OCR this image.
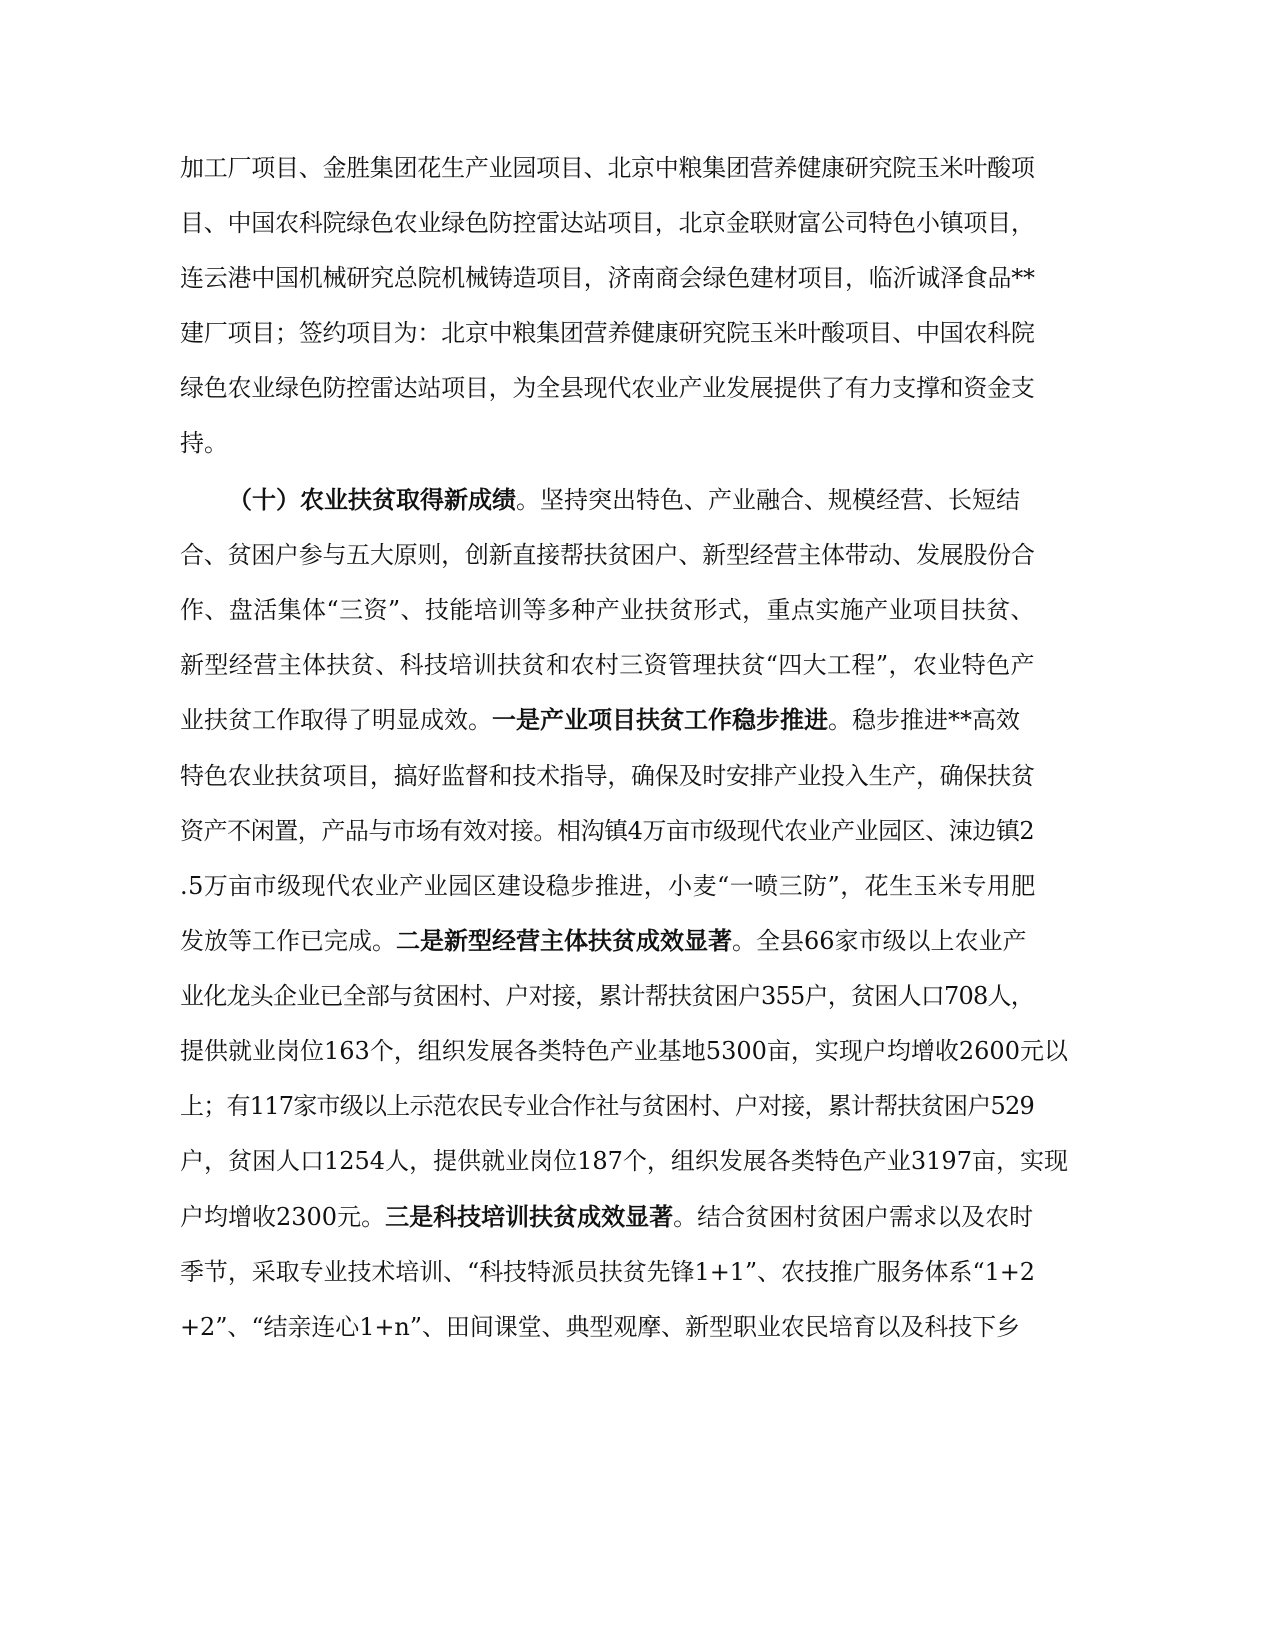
加工厂项目、金胜集团花生产业园项目、北京中粮集团营养健康研究院玉米叶酸项
目、中国农科院绿色农业绿色防控雷达站项目，北京金联财富公司特色小镇项目，
连云港中国机械研究总院机械铸造项目，济南商会绿色建材项目，临沂诚泽食品**
建厂项目；签约项目为：北京中粮集团营养健康研究院玉米叶酸项目、中国农科院
绿色农业绿色防控雷达站项目，为全县现代农业产业发展提供了有力支撑和资金支
持。
（十）农业扶贫取得新成绩。坚持突出特色、产业融合、规模经营、长短结
合、贫困户参与五大原则，创新直接帮扶贫困户、新型经营主体带动、发展股份合
作、盘活集体“三资”、技能培训等多种产业扶贫形式，重点实施产业项目扶贫、
新型经营主体扶贫、科技培训扶贫和农村三资管理扶贫“四大工程”，农业特色产
业扶贫工作取得了明显成效。一是产业项目扶贫工作稳步推进。稳步推进**高效
特色农业扶贫项目，搞好监督和技术指导，确保及时安排产业投入生产，确保扶贫
资产不闲置，产品与市场有效对接。相沟镇4万亩市级现代农业产业园区、涑边镇2
.5万亩市级现代农业产业园区建设稳步推进，小麦“一喷三防”，花生玉米专用肥
发放等工作已完成。二是新型经营主体扶贫成效显著。全县66家市级以上农业产
业化龙头企业已全部与贫困村、户对接，累计帮扶贫困户355户，贫困人口708人，
提供就业岗位163个，组织发展各类特色产业基地5300亩，实现户均增收2600元以
上；有117家市级以上示范农民专业合作社与贫困村、户对接，累计帮扶贫困户529
户，贫困人口1254人，提供就业岗位187个，组织发展各类特色产业3197亩，实现
户均增收2300元。三是科技培训扶贫成效显著。结合贫困村贫困户需求以及农时
季节，采取专业技术培训、“科技特派员扶贫先锋1+1”、农技推广服务体系“1+2
+2”、“结亲连心1+n”、田间课堂、典型观摩、新型职业农民培育以及科技下乡
